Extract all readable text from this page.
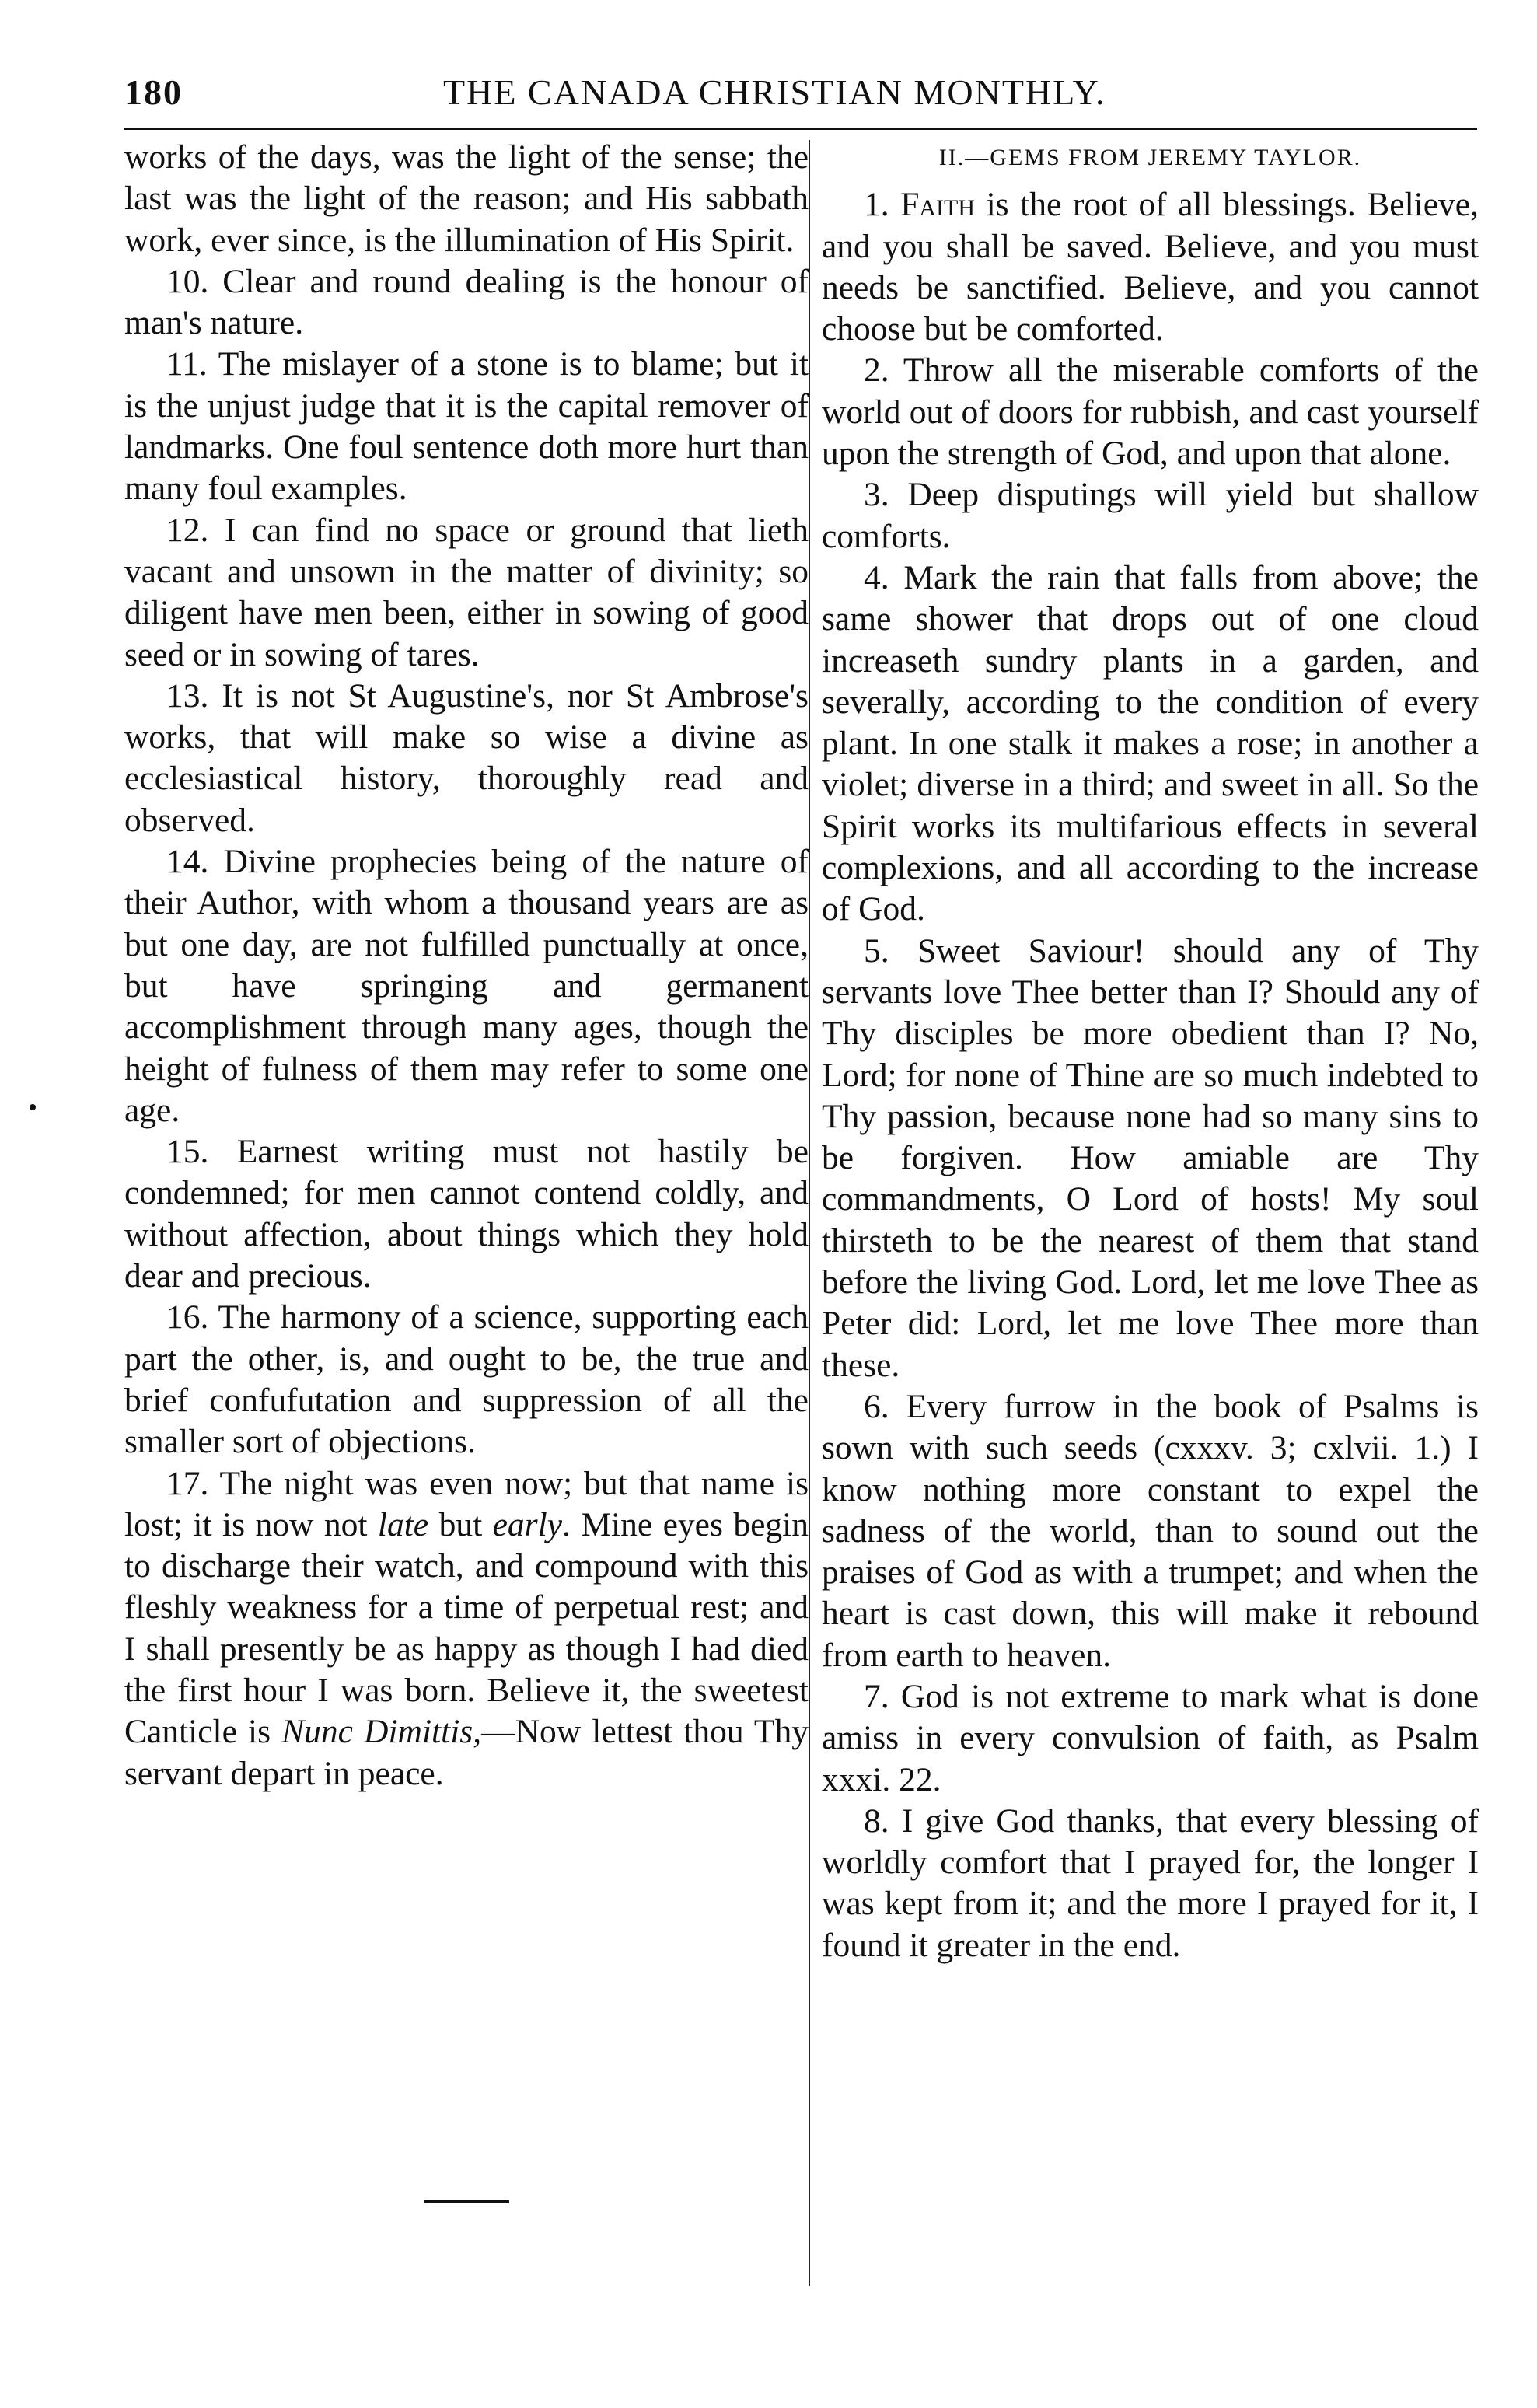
180	THE CANADA CHRISTIAN MONTHLY.

works of the days, was the light of the sense; the last was the light of the reason; and His sabbath work, ever since, is the illumination of His Spirit.

10. Clear and round dealing is the honour of man's nature.

11. The mislayer of a stone is to blame; but it is the unjust judge that it is the capital remover of landmarks. One foul sentence doth more hurt than many foul examples.

12. I can find no space or ground that lieth vacant and unsown in the matter of divinity; so diligent have men been, either in sowing of good seed or in sowing of tares.

13. It is not St Augustine's, nor St Ambrose's works, that will make so wise a divine as ecclesiastical history, thoroughly read and observed.

14. Divine prophecies being of the nature of their Author, with whom a thousand years are as but one day, are not fulfilled punctually at once, but have springing and germanent accomplishment through many ages, though the height of fulness of them may refer to some one age.

15. Earnest writing must not hastily be condemned; for men cannot contend coldly, and without affection, about things which they hold dear and precious.

16. The harmony of a science, supporting each part the other, is, and ought to be, the true and brief confufutation and suppression of all the smaller sort of objections.

17. The night was even now; but that name is lost; it is now not late but early. Mine eyes begin to discharge their watch, and compound with this fleshly weakness for a time of perpetual rest; and I shall presently be as happy as though I had died the first hour I was born. Believe it, the sweetest Canticle is Nunc Dimittis,—Now lettest thou Thy servant depart in peace.

II.—GEMS FROM JEREMY TAYLOR.

1. Faith is the root of all blessings. Believe, and you shall be saved. Believe, and you must needs be sanctified. Believe, and you cannot choose but be comforted.

2. Throw all the miserable comforts of the world out of doors for rubbish, and cast yourself upon the strength of God, and upon that alone.

3. Deep disputings will yield but shallow comforts.

4. Mark the rain that falls from above; the same shower that drops out of one cloud increaseth sundry plants in a garden, and severally, according to the condition of every plant. In one stalk it makes a rose; in another a violet; diverse in a third; and sweet in all. So the Spirit works its multifarious effects in several complexions, and all according to the increase of God.

5. Sweet Saviour! should any of Thy servants love Thee better than I? Should any of Thy disciples be more obedient than I? No, Lord; for none of Thine are so much indebted to Thy passion, because none had so many sins to be forgiven. How amiable are Thy commandments, O Lord of hosts! My soul thirsteth to be the nearest of them that stand before the living God. Lord, let me love Thee as Peter did: Lord, let me love Thee more than these.

6. Every furrow in the book of Psalms is sown with such seeds (cxxxv. 3; cxlvii. 1.) I know nothing more constant to expel the sadness of the world, than to sound out the praises of God as with a trumpet; and when the heart is cast down, this will make it rebound from earth to heaven.

7. God is not extreme to mark what is done amiss in every convulsion of faith, as Psalm xxxi. 22.

8. I give God thanks, that every blessing of worldly comfort that I prayed for, the longer I was kept from it; and the more I prayed for it, I found it greater in the end.
